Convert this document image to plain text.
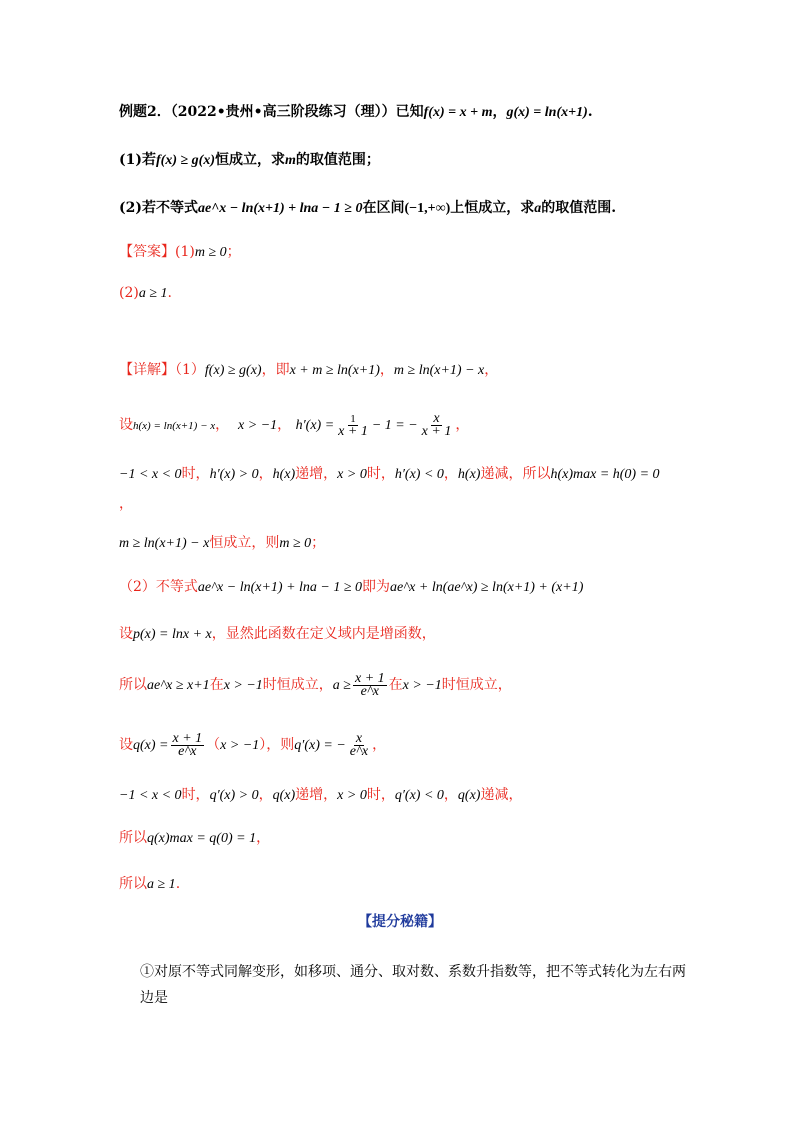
例题2．（2022•贵州•高三阶段练习（理））已知f(x) = x + m，g(x) = ln(x+1).
(1)若f(x) ≥ g(x)恒成立，求m的取值范围；
(2)若不等式ae^x − ln(x+1) + lna − 1 ≥ 0在区间(−1,+∞)上恒成立，求a的取值范围.
【答案】(1)m ≥ 0；
(2)a ≥ 1.
【详解】（1）f(x) ≥ g(x)，即x + m ≥ ln(x+1)，m ≥ ln(x+1) − x，
设h(x) = ln(x+1) − x， x > −1， $h'(x) = \frac{1}{x + 1} - 1$ = − $\frac{x}{x + 1}$ ，
−1 < x < 0时，h′(x) > 0，h(x)递增，x > 0时，h′(x) < 0，h(x)递减，所以h(x)max = h(0) = 0
，
m ≥ ln(x+1) − x恒成立，则m ≥ 0；
（2）不等式ae^x − ln(x+1) + lna − 1 ≥ 0即为ae^x + ln(ae^x) ≥ ln(x+1) + (x+1)
设p(x) = lnx + x，显然此函数在定义域内是增函数，
所以ae^x ≥ x+1在x > −1时恒成立，$a \ge \frac{x + 1}{e\^{}x}$ 在x > −1时恒成立，
设$q(x) = \frac{x + 1}{e\^{}x} (x > -1)$，则q′(x) = − $\frac{x}{e\^{}x}$ ，
−1 < x < 0时，q′(x) > 0，q(x)递增，x > 0时，q′(x) < 0，q(x)递减，
所以q(x)max = q(0) = 1，
所以a ≥ 1.
【提分秘籍】
①对原不等式同解变形，如移项、通分、取对数、系数升指数等，把不等式转化为左右两边是
